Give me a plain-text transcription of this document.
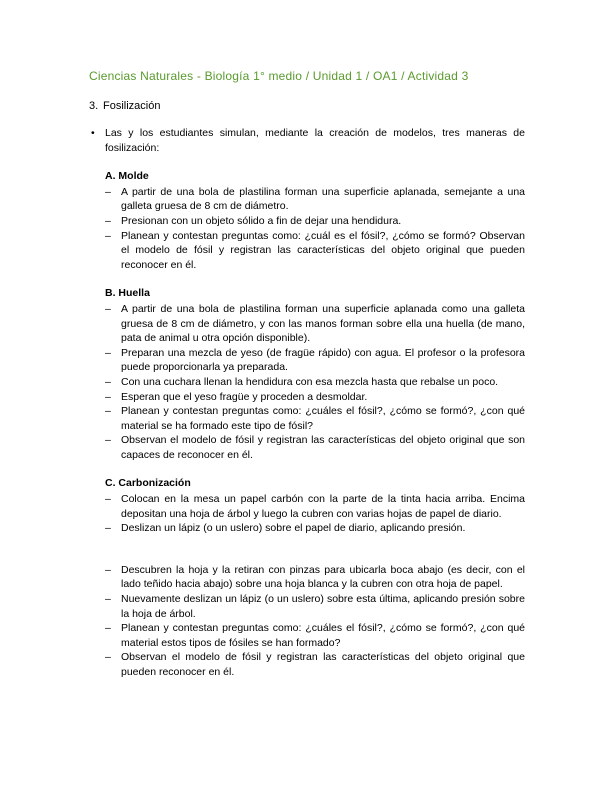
Ciencias Naturales - Biología 1° medio / Unidad 1 / OA1 / Actividad 3
3. Fosilización
• Las y los estudiantes simulan, mediante la creación de modelos, tres maneras de fosilización:
A. Molde
– A partir de una bola de plastilina forman una superficie aplanada, semejante a una galleta gruesa de 8 cm de diámetro.
– Presionan con un objeto sólido a fin de dejar una hendidura.
– Planean y contestan preguntas como: ¿cuál es el fósil?, ¿cómo se formó? Observan el modelo de fósil y registran las características del objeto original que pueden reconocer en él.
B. Huella
– A partir de una bola de plastilina forman una superficie aplanada como una galleta gruesa de 8 cm de diámetro, y con las manos forman sobre ella una huella (de mano, pata de animal u otra opción disponible).
– Preparan una mezcla de yeso (de fragüe rápido) con agua. El profesor o la profesora puede proporcionarla ya preparada.
– Con una cuchara llenan la hendidura con esa mezcla hasta que rebalse un poco.
– Esperan que el yeso fragüe y proceden a desmoldar.
– Planean y contestan preguntas como: ¿cuáles el fósil?, ¿cómo se formó?, ¿con qué material se ha formado este tipo de fósil?
– Observan el modelo de fósil y registran las características del objeto original que son capaces de reconocer en él.
C. Carbonización
– Colocan en la mesa un papel carbón con la parte de la tinta hacia arriba. Encima depositan una hoja de árbol y luego la cubren con varias hojas de papel de diario.
– Deslizan un lápiz (o un uslero) sobre el papel de diario, aplicando presión.
– Descubren la hoja y la retiran con pinzas para ubicarla boca abajo (es decir, con el lado teñido hacia abajo) sobre una hoja blanca y la cubren con otra hoja de papel.
– Nuevamente deslizan un lápiz (o un uslero) sobre esta última, aplicando presión sobre la hoja de árbol.
– Planean y contestan preguntas como: ¿cuáles el fósil?, ¿cómo se formó?, ¿con qué material estos tipos de fósiles se han formado?
– Observan el modelo de fósil y registran las características del objeto original que pueden reconocer en él.
